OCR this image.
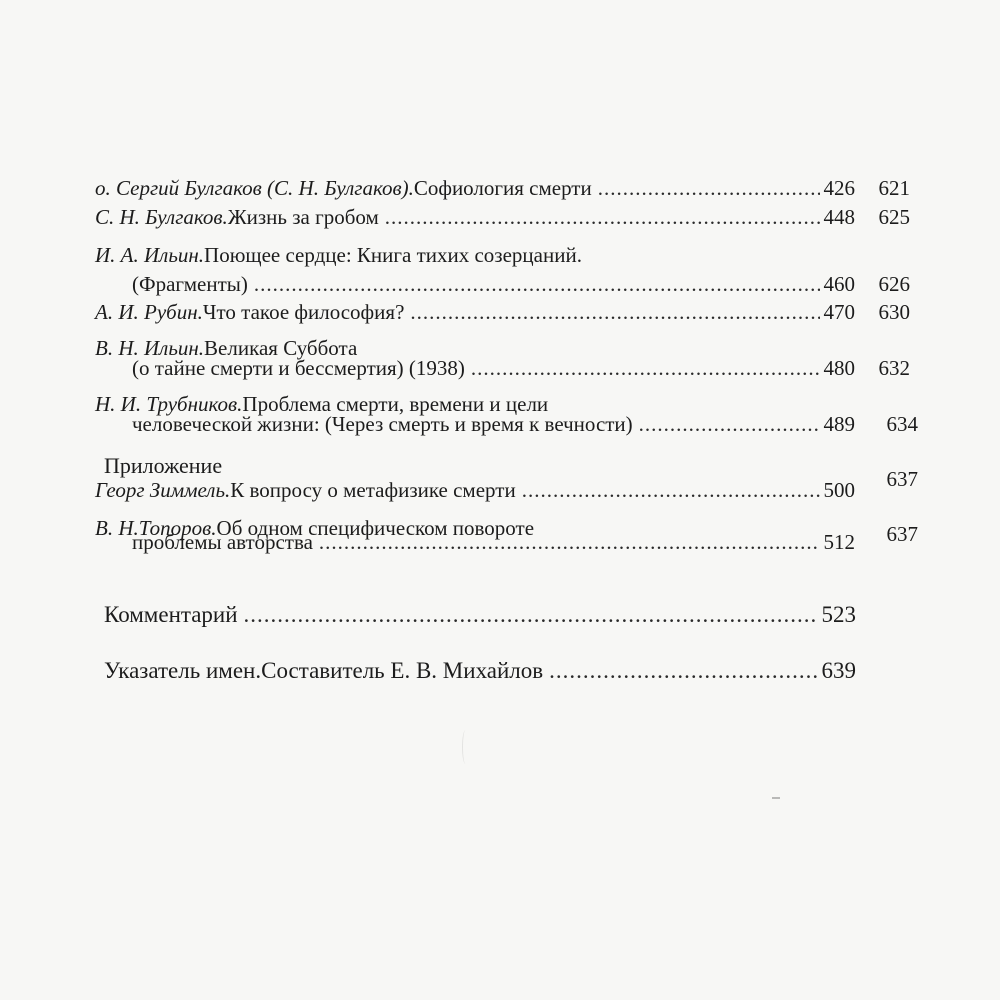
о. Сергий Булгаков (С. Н. Булгаков). Софиология смерти .....	426	621
С. Н. Булгаков. Жизнь за гробом .....	448	625
И. А. Ильин. Поющее сердце: Книга тихих созерцаний.
(Фрагменты) .....	460	626
А. И. Рубин. Что такое философия? .....	470	630
В. Н. Ильин. Великая Суббота
(о тайне смерти и бессмертия) (1938) .....	480	632
Н. И. Трубников. Проблема смерти, времени и цели
человеческой жизни: (Через смерть и время к вечности) .....	489	634
Приложение
Георг Зиммель. К вопросу о метафизике смерти .....	500	637
В. Н.Топоров. Об одном специфическом повороте
проблемы авторства .....	512	637
Комментарий .....	523
Указатель имен. Составитель Е. В. Михайлов .....	639
